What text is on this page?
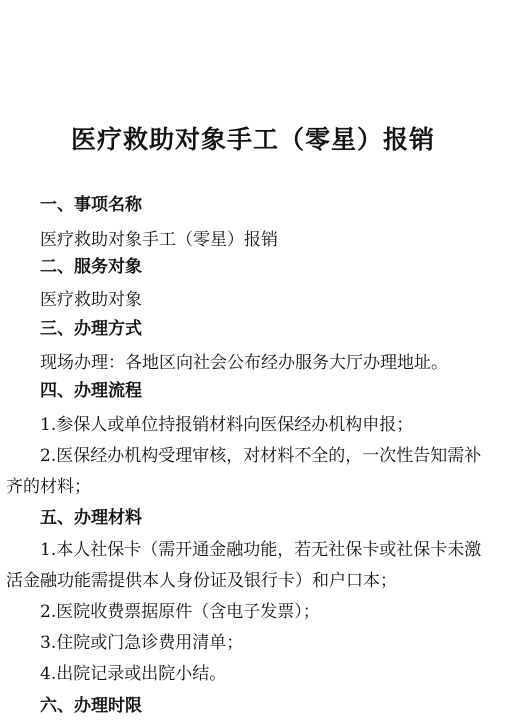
医疗救助对象手工（零星）报销
一、事项名称
医疗救助对象手工（零星）报销
二、服务对象
医疗救助对象
三、办理方式
现场办理：各地区向社会公布经办服务大厅办理地址。
四、办理流程
1.参保人或单位持报销材料向医保经办机构申报；
2.医保经办机构受理审核，对材料不全的，一次性告知需补
齐的材料；
五、办理材料
1.本人社保卡（需开通金融功能，若无社保卡或社保卡未激
活金融功能需提供本人身份证及银行卡）和户口本；
2.医院收费票据原件（含电子发票）；
3.住院或门急诊费用清单；
4.出院记录或出院小结。
六、办理时限
